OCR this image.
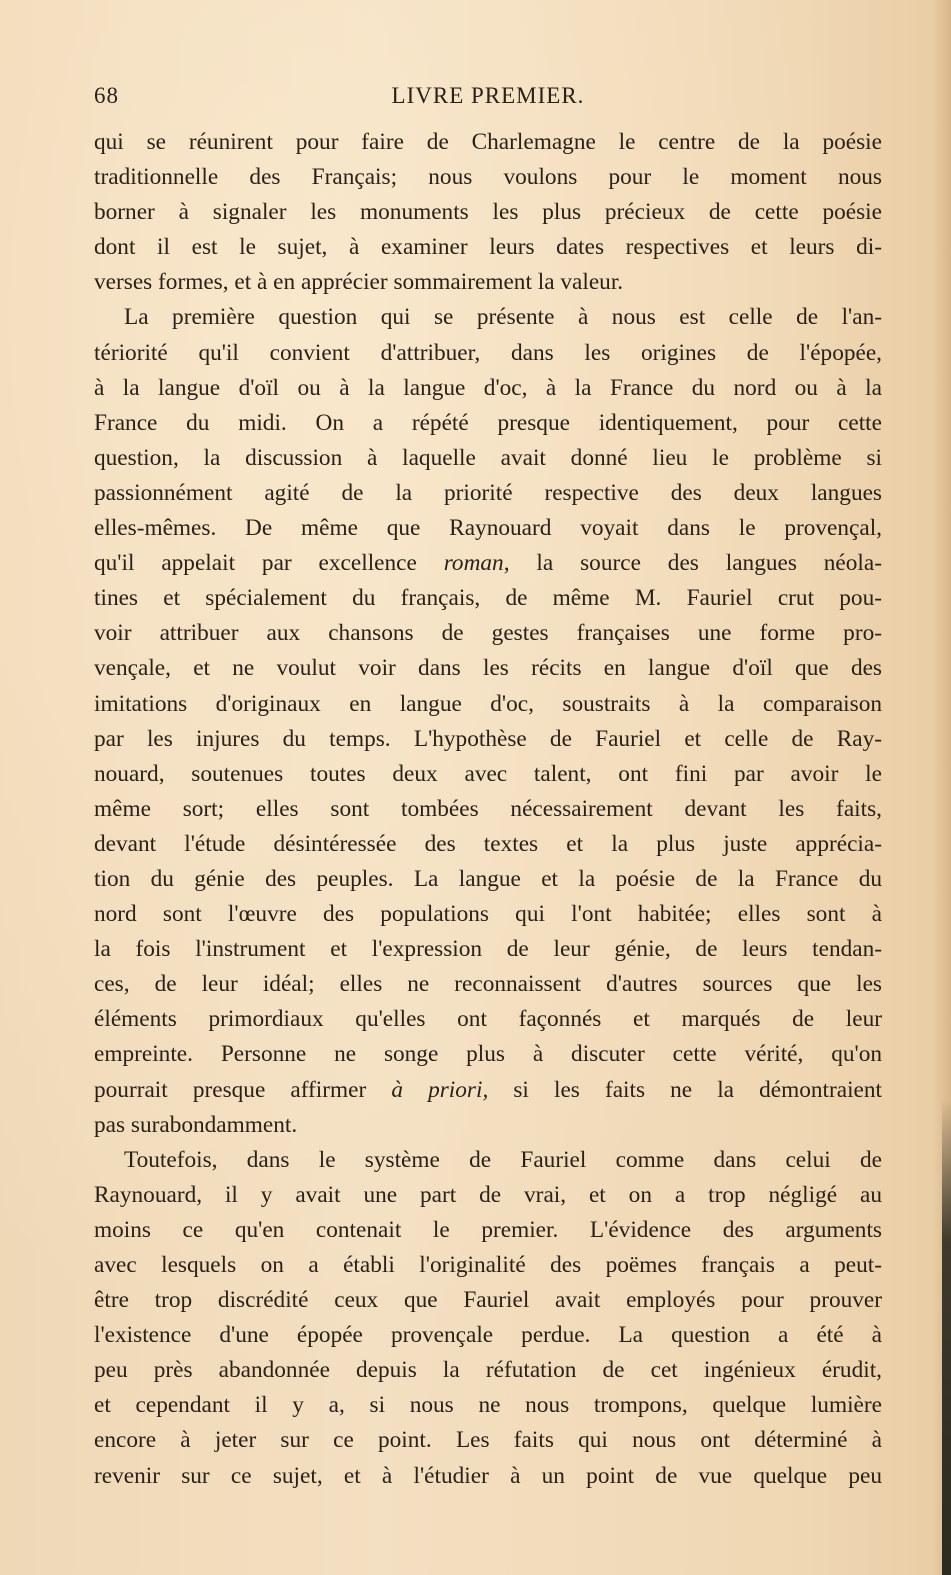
68	LIVRE PREMIER.
qui se réunirent pour faire de Charlemagne le centre de la poésie
traditionnelle des Français; nous voulons pour le moment nous
borner à signaler les monuments les plus précieux de cette poésie
dont il est le sujet, à examiner leurs dates respectives et leurs di-
verses formes, et à en apprécier sommairement la valeur.
La première question qui se présente à nous est celle de l'an-
tériorité qu'il convient d'attribuer, dans les origines de l'épopée,
à la langue d'oïl ou à la langue d'oc, à la France du nord ou à la
France du midi. On a répété presque identiquement, pour cette
question, la discussion à laquelle avait donné lieu le problème si
passionnément agité de la priorité respective des deux langues
elles-mêmes. De même que Raynouard voyait dans le provençal,
qu'il appelait par excellence roman, la source des langues néola-
tines et spécialement du français, de même M. Fauriel crut pou-
voir attribuer aux chansons de gestes françaises une forme pro-
vençale, et ne voulut voir dans les récits en langue d'oïl que des
imitations d'originaux en langue d'oc, soustraits à la comparaison
par les injures du temps. L'hypothèse de Fauriel et celle de Ray-
nouard, soutenues toutes deux avec talent, ont fini par avoir le
même sort; elles sont tombées nécessairement devant les faits,
devant l'étude désintéressée des textes et la plus juste apprécia-
tion du génie des peuples. La langue et la poésie de la France du
nord sont l'œuvre des populations qui l'ont habitée; elles sont à
la fois l'instrument et l'expression de leur génie, de leurs tendan-
ces, de leur idéal; elles ne reconnaissent d'autres sources que les
éléments primordiaux qu'elles ont façonnés et marqués de leur
empreinte. Personne ne songe plus à discuter cette vérité, qu'on
pourrait presque affirmer à priori, si les faits ne la démontraient
pas surabondamment.
Toutefois, dans le système de Fauriel comme dans celui de
Raynouard, il y avait une part de vrai, et on a trop négligé au
moins ce qu'en contenait le premier. L'évidence des arguments
avec lesquels on a établi l'originalité des poëmes français a peut-
être trop discrédité ceux que Fauriel avait employés pour prouver
l'existence d'une épopée provençale perdue. La question a été à
peu près abandonnée depuis la réfutation de cet ingénieux érudit,
et cependant il y a, si nous ne nous trompons, quelque lumière
encore à jeter sur ce point. Les faits qui nous ont déterminé à
revenir sur ce sujet, et à l'étudier à un point de vue quelque peu
